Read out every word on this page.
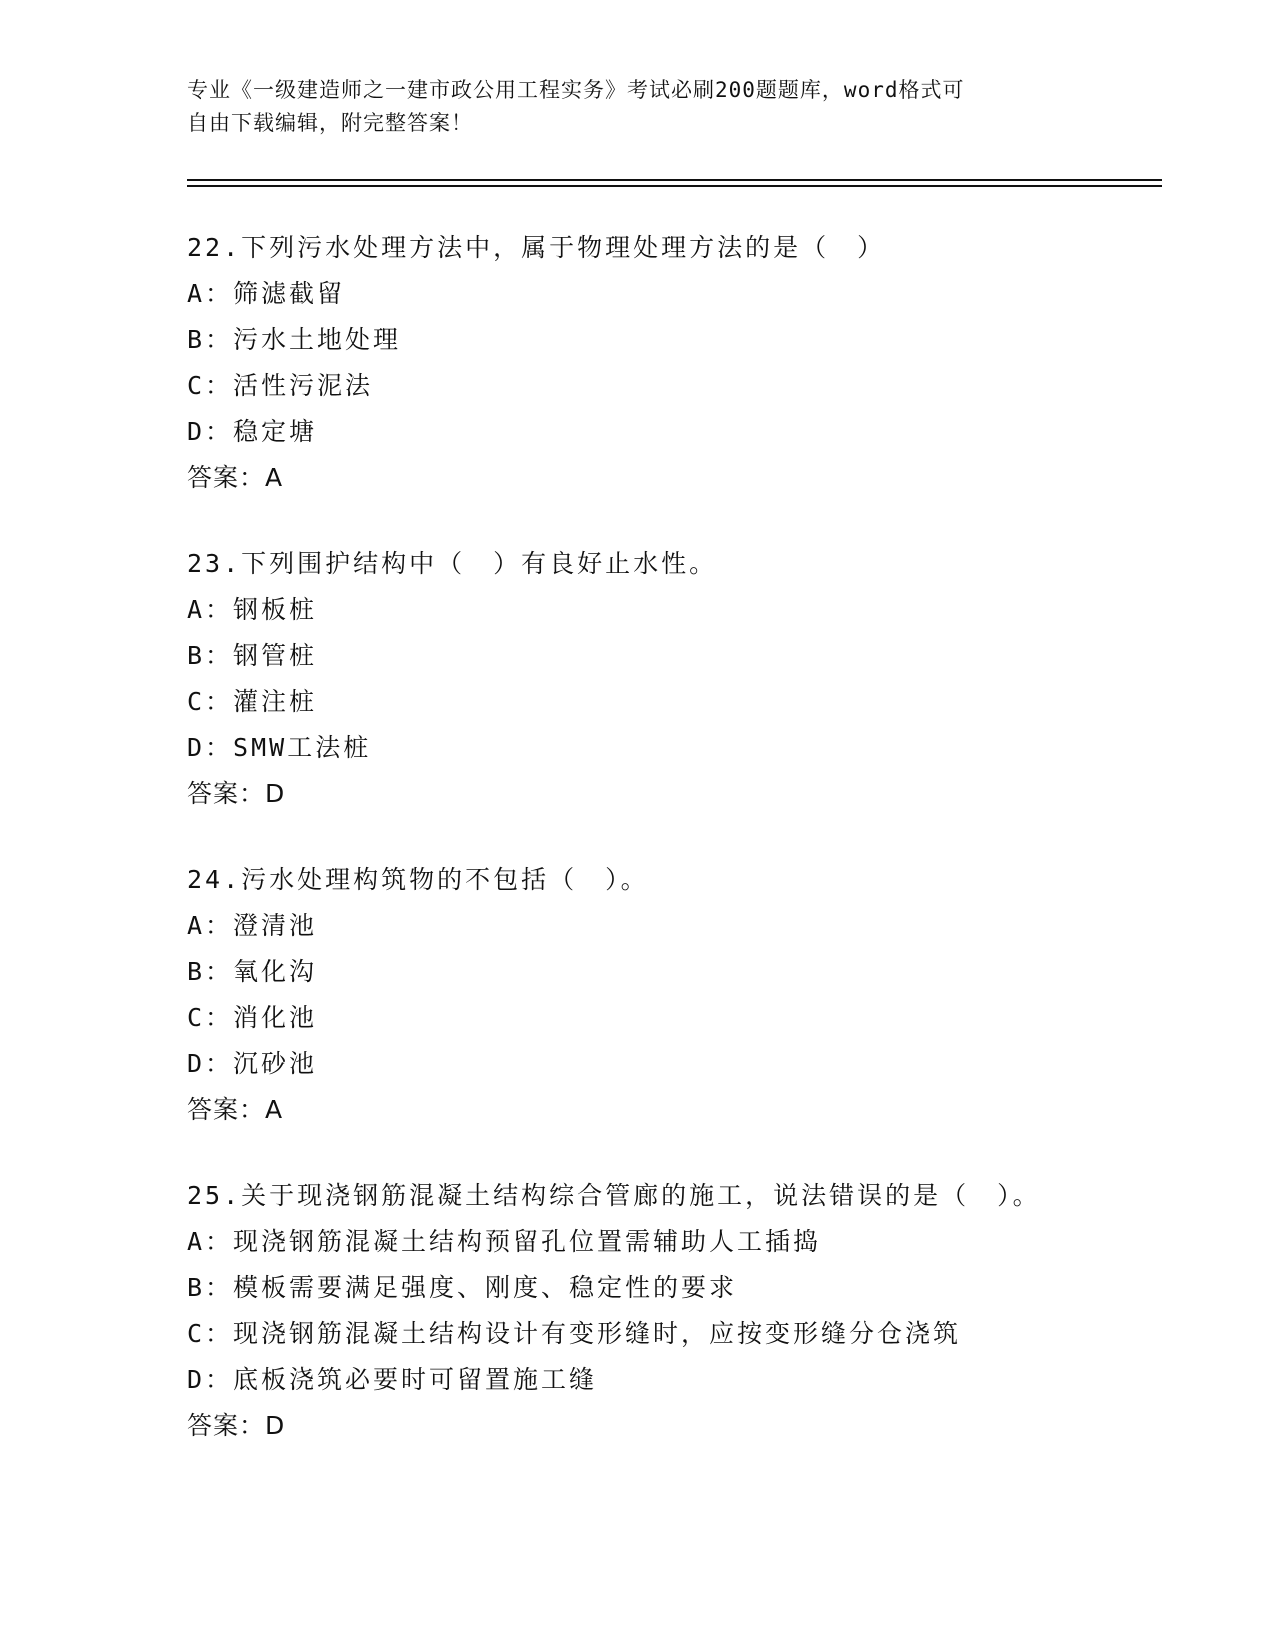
专业《一级建造师之一建市政公用工程实务》考试必刷200题题库，word格式可
自由下载编辑，附完整答案！
22.下列污水处理方法中，属于物理处理方法的是（　）
A：筛滤截留
B：污水土地处理
C：活性污泥法
D：稳定塘
答案：A
23.下列围护结构中（　）有良好止水性。
A：钢板桩
B：钢管桩
C：灌注桩
D：SMW工法桩
答案：D
24.污水处理构筑物的不包括（　）。
A：澄清池
B：氧化沟
C：消化池
D：沉砂池
答案：A
25.关于现浇钢筋混凝土结构综合管廊的施工，说法错误的是（　）。
A：现浇钢筋混凝土结构预留孔位置需辅助人工插捣
B：模板需要满足强度、刚度、稳定性的要求
C：现浇钢筋混凝土结构设计有变形缝时，应按变形缝分仓浇筑
D：底板浇筑必要时可留置施工缝
答案：D
